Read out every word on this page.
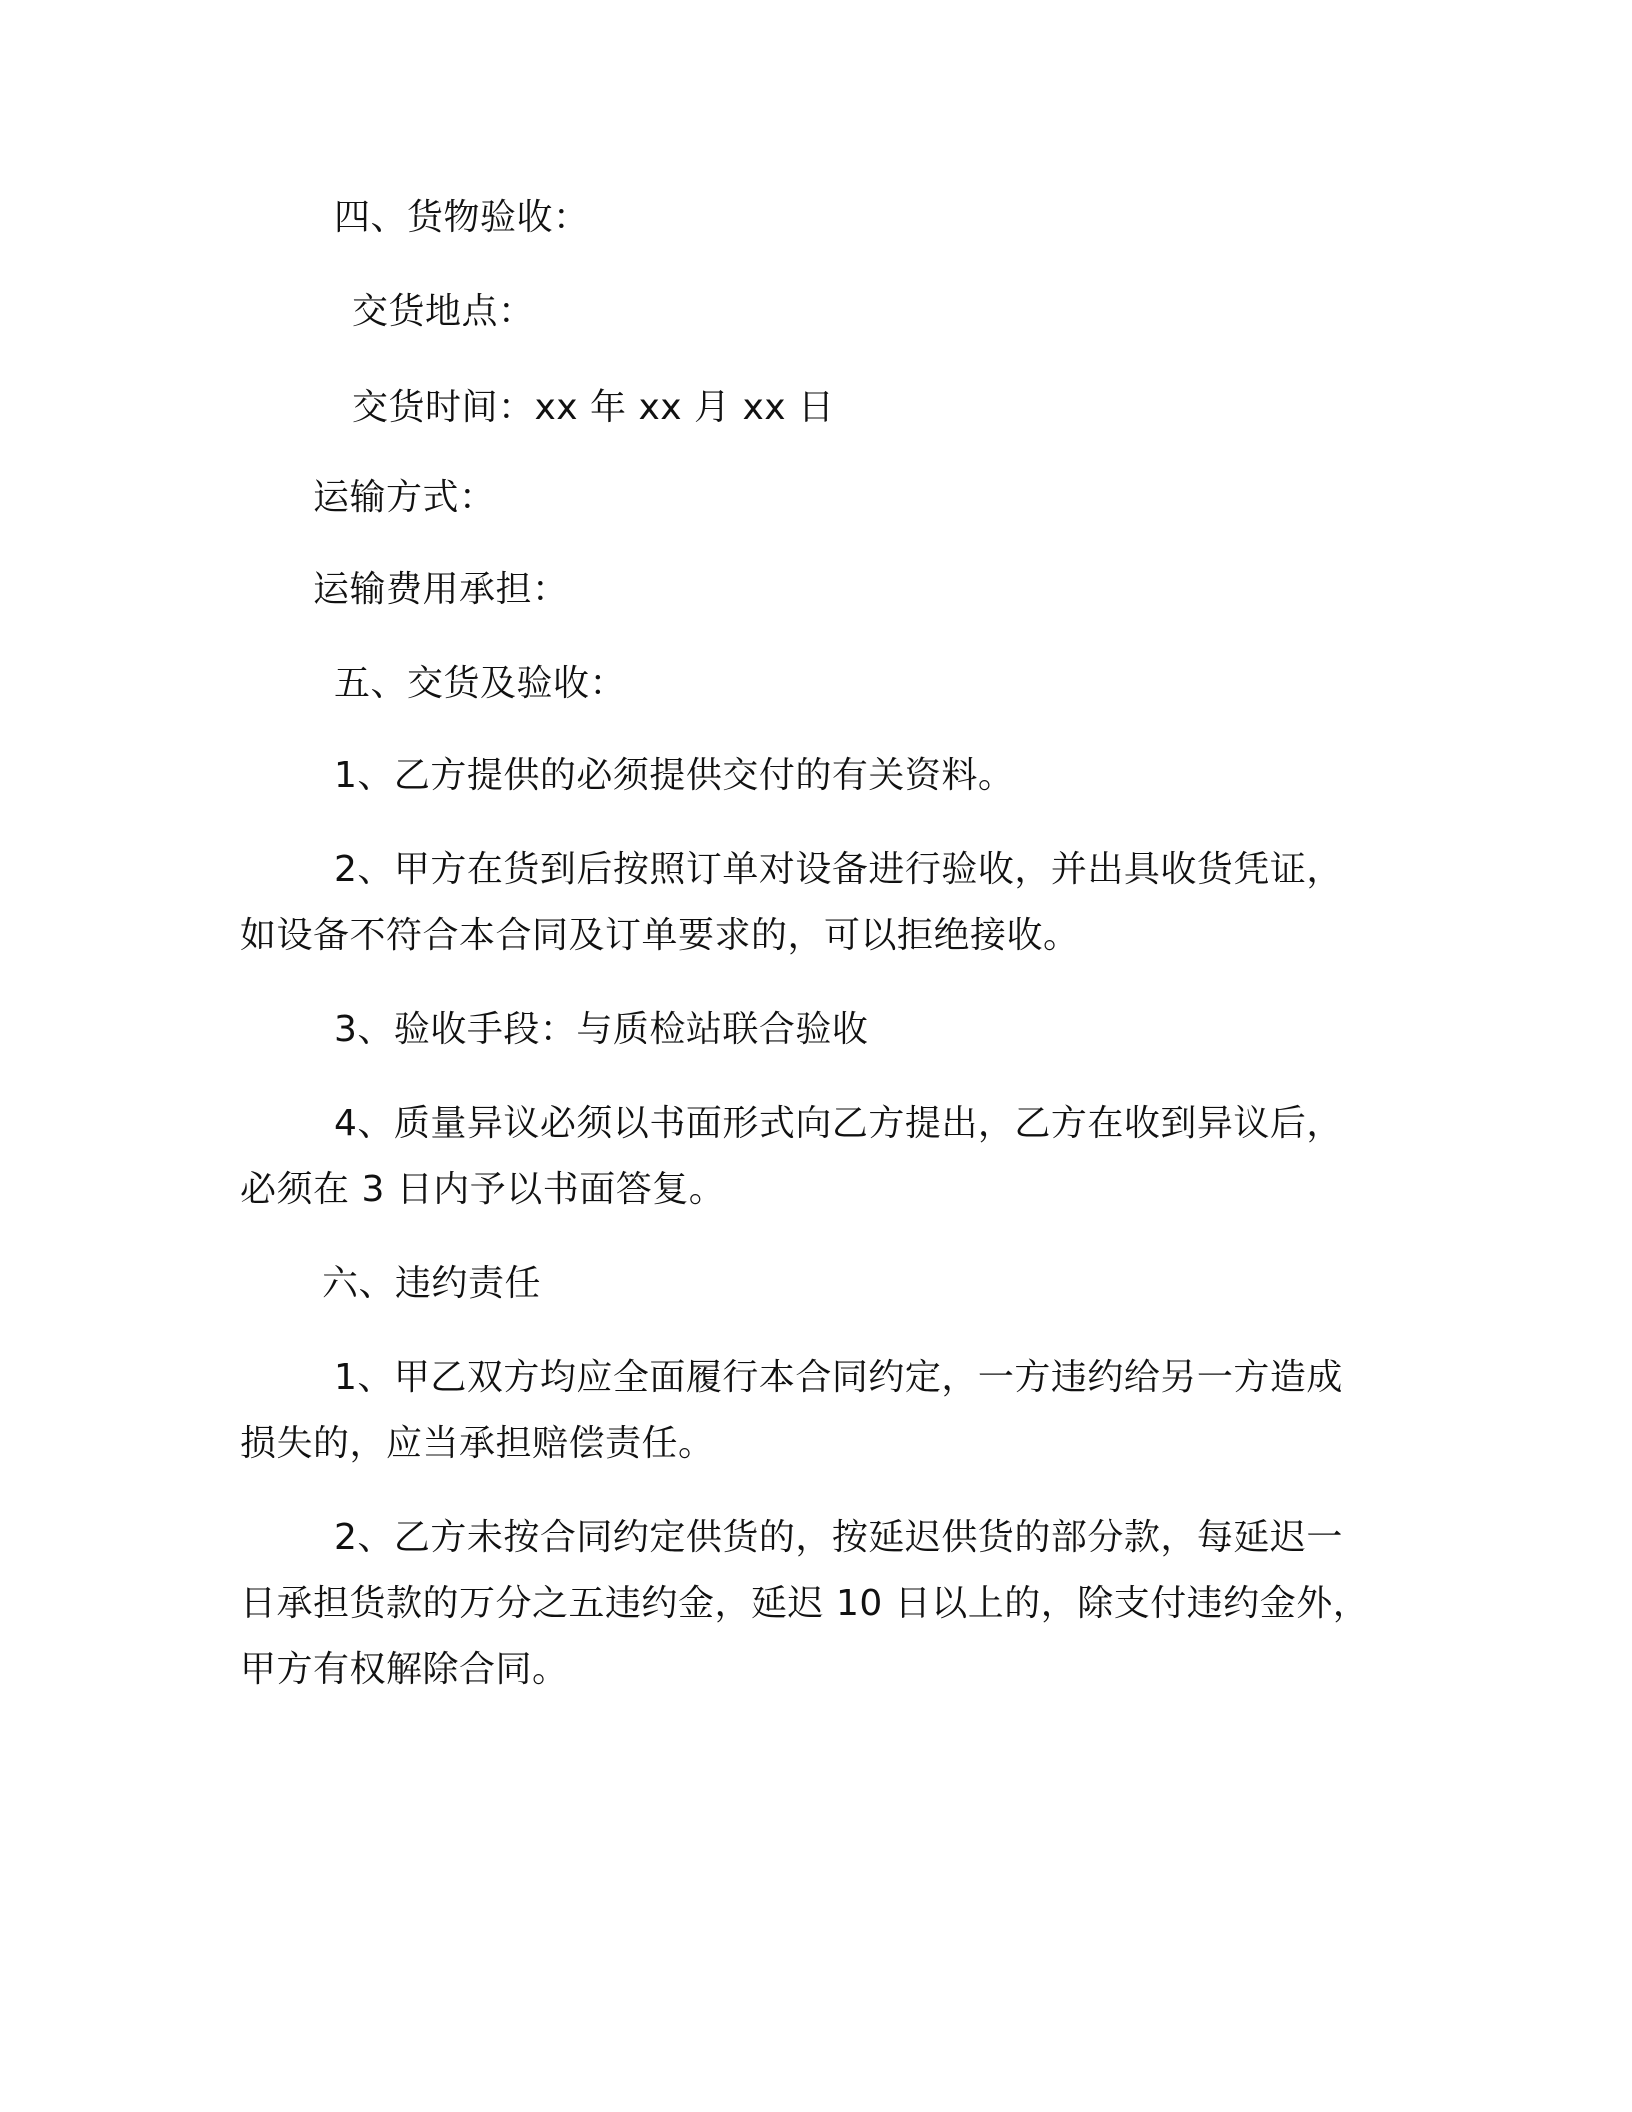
四、货物验收：
交货地点：
交货时间：xx 年 xx 月 xx 日
运输方式：
运输费用承担：
五、交货及验收：
1、乙方提供的必须提供交付的有关资料。
2、甲方在货到后按照订单对设备进行验收，并出具收货凭证，
如设备不符合本合同及订单要求的，可以拒绝接收。
3、验收手段：与质检站联合验收
4、质量异议必须以书面形式向乙方提出，乙方在收到异议后，
必须在 3 日内予以书面答复。
六、违约责任
1、甲乙双方均应全面履行本合同约定，一方违约给另一方造成
损失的，应当承担赔偿责任。
2、乙方未按合同约定供货的，按延迟供货的部分款，每延迟一
日承担货款的万分之五违约金，延迟 10 日以上的，除支付违约金外，
甲方有权解除合同。
